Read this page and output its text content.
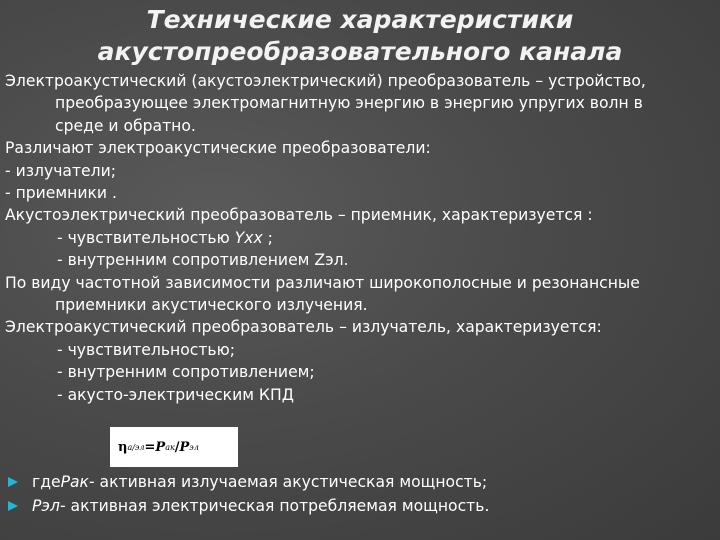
Технические характеристики
акустопреобразовательного канала
Электроакустический (акустоэлектрический) преобразователь – устройство,
преобразующее электромагнитную энергию в энергию упругих волн в
среде и обратно.
Различают электроакустические преобразователи:
- излучатели;
- приемники .
Акустоэлектрический преобразователь – приемник, характеризуется :
- чувствительностью Yхх ;
- внутренним сопротивлением Zэл.
По виду частотной зависимости различают широкополосные и резонансные
приемники акустического излучения.
Электроакустический преобразователь – излучатель, характеризуется:
- чувствительностью;
- внутренним сопротивлением;
- акусто-электрическим КПД
η а/эл = P ак / P эл
где Pак - активная излучаемая акустическая мощность;
Pэл - активная электрическая потребляемая мощность.
